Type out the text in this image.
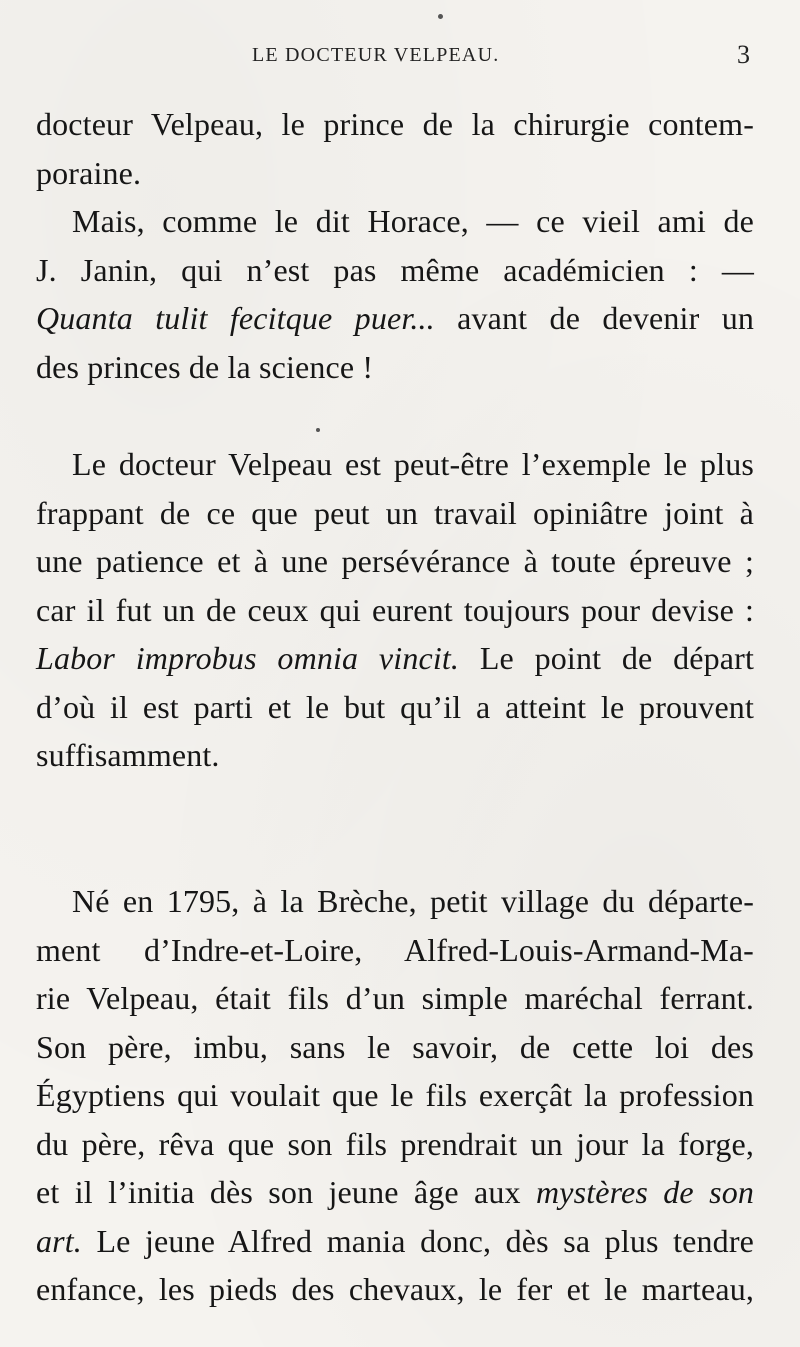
LE DOCTEUR VELPEAU.	3
docteur Velpeau, le prince de la chirurgie contem-
poraine.
Mais, comme le dit Horace, — ce vieil ami de
J. Janin, qui n’est pas même académicien : —
Quanta tulit fecitque puer... avant de devenir un
des princes de la science !
Le docteur Velpeau est peut-être l’exemple le plus
frappant de ce que peut un travail opiniâtre joint à
une patience et à une persévérance à toute épreuve ;
car il fut un de ceux qui eurent toujours pour devise :
Labor improbus omnia vincit. Le point de départ
d’où il est parti et le but qu’il a atteint le prouvent
suffisamment.
Né en 1795, à la Brèche, petit village du départe-
ment d’Indre-et-Loire, Alfred-Louis-Armand-Ma-
rie Velpeau, était fils d’un simple maréchal ferrant.
Son père, imbu, sans le savoir, de cette loi des
Égyptiens qui voulait que le fils exerçât la profession
du père, rêva que son fils prendrait un jour la forge,
et il l’initia dès son jeune âge aux mystères de son
art. Le jeune Alfred mania donc, dès sa plus tendre
enfance, les pieds des chevaux, le fer et le marteau,
